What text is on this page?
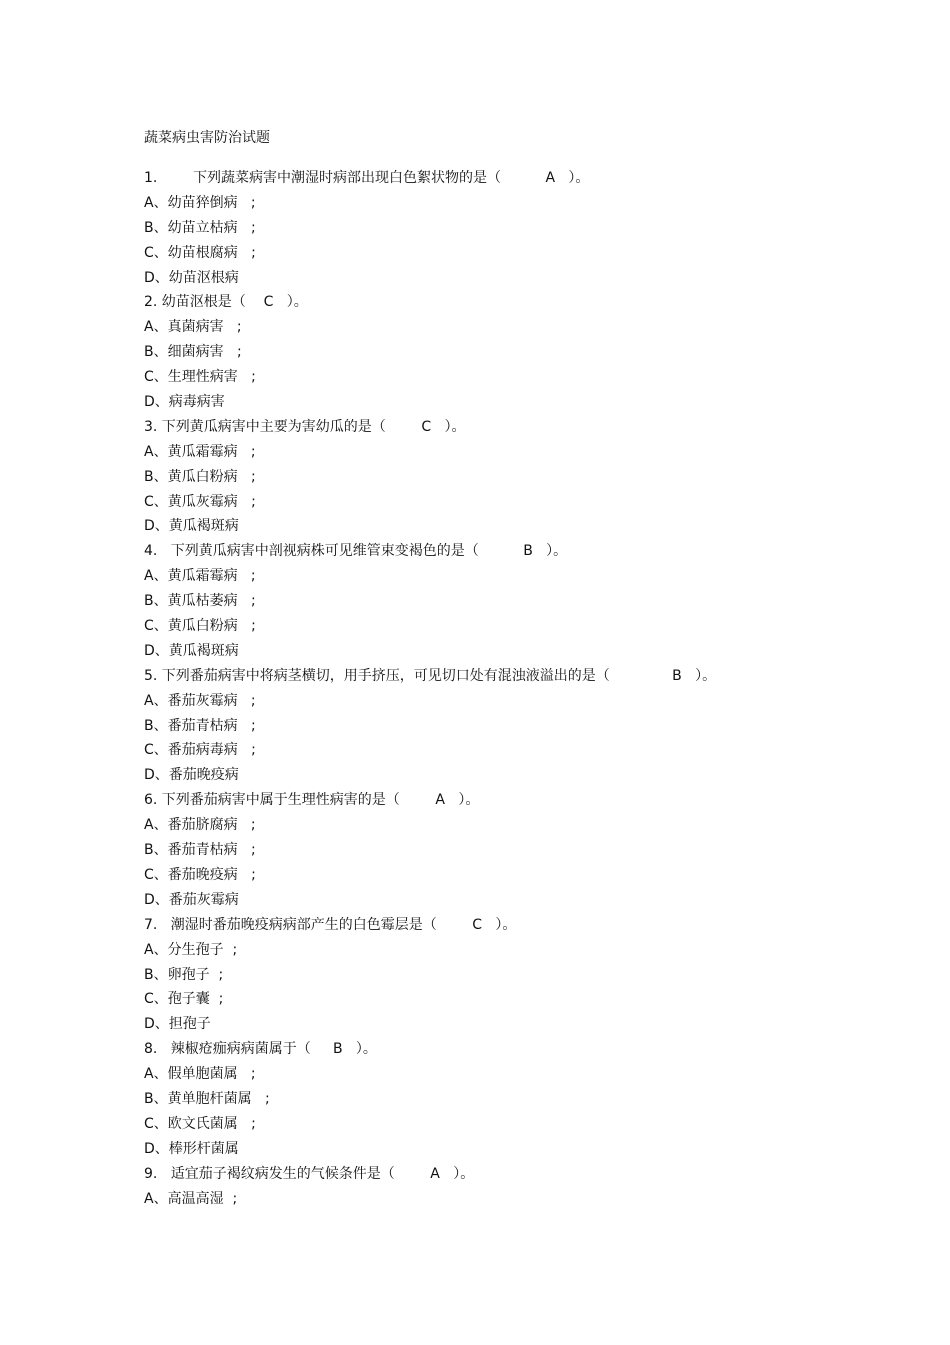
蔬菜病虫害防治试题
1.        下列蔬菜病害中潮湿时病部出现白色絮状物的是（          A   ）。
A、幼苗猝倒病   ;
B、幼苗立枯病   ;
C、幼苗根腐病   ;
D、幼苗沤根病
2. 幼苗沤根是（    C   ）。
A、真菌病害   ;
B、细菌病害   ;
C、生理性病害   ;
D、病毒病害
3. 下列黄瓜病害中主要为害幼瓜的是（        C   ）。
A、黄瓜霜霉病   ;
B、黄瓜白粉病   ;
C、黄瓜灰霉病   ;
D、黄瓜褐斑病
4.   下列黄瓜病害中剖视病株可见维管束变褐色的是（          B   ）。
A、黄瓜霜霉病   ;
B、黄瓜枯萎病   ;
C、黄瓜白粉病   ;
D、黄瓜褐斑病
5. 下列番茄病害中将病茎横切，用手挤压，可见切口处有混浊液溢出的是（              B   ）。
A、番茄灰霉病   ;
B、番茄青枯病   ;
C、番茄病毒病   ;
D、番茄晚疫病
6. 下列番茄病害中属于生理性病害的是（        A   ）。
A、番茄脐腐病   ;
B、番茄青枯病   ;
C、番茄晚疫病   ;
D、番茄灰霉病
7.   潮湿时番茄晚疫病病部产生的白色霉层是（        C   ）。
A、分生孢子  ;
B、卵孢子  ;
C、孢子囊  ;
D、担孢子
8.   辣椒疮痂病病菌属于（     B   ）。
A、假单胞菌属   ;
B、黄单胞杆菌属   ;
C、欧文氏菌属   ;
D、棒形杆菌属
9.   适宜茄子褐纹病发生的气候条件是（        A   ）。
A、高温高湿  ;
